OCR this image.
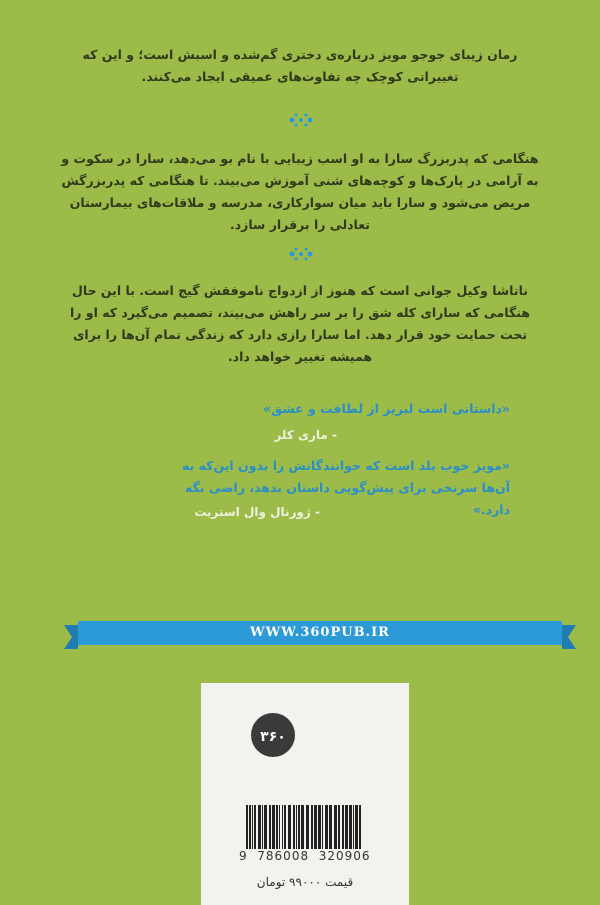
رمان زیبای جوجو مویز درباره‌ی دختری گم‌شده و اسبش است؛ و این که تغییراتی کوچک چه تفاوت‌های عمیقی ایجاد می‌کنند.
هنگامی که پدربزرگ سارا به او اسب زیبایی با نام بو می‌دهد، سارا در سکوت و به آرامی در پارک‌ها و کوچه‌های شنی آموزش می‌بیند. تا هنگامی که پدربزرگش مریض می‌شود و سارا باید میان سوارکاری، مدرسه و ملاقات‌های بیمارستان تعادلی را برقرار سازد.
ناتاشا وکیل جوانی است که هنوز از ازدواج ناموفقش گیج است. با این حال هنگامی که سارای کله شق را بر سر راهش می‌بیند، تصمیم می‌گیرد که او را تحت حمایت خود قرار دهد. اما سارا رازی دارد که زندگی تمام آن‌ها را برای همیشه تغییر خواهد داد.
«داستانی است لبریز از لطافت و عشق»
- ماری کلر
«مویز خوب بلد است که خوانندگانش را بدون این‌که به آن‌ها سرنخی برای پیش‌گویی داستان بدهد، راضی نگه دارد.»
- ژورنال وال استریت
WWW.360PUB.IR
۳۶۰
9 786008 320906
قیمت ۹۹۰۰۰ تومان
